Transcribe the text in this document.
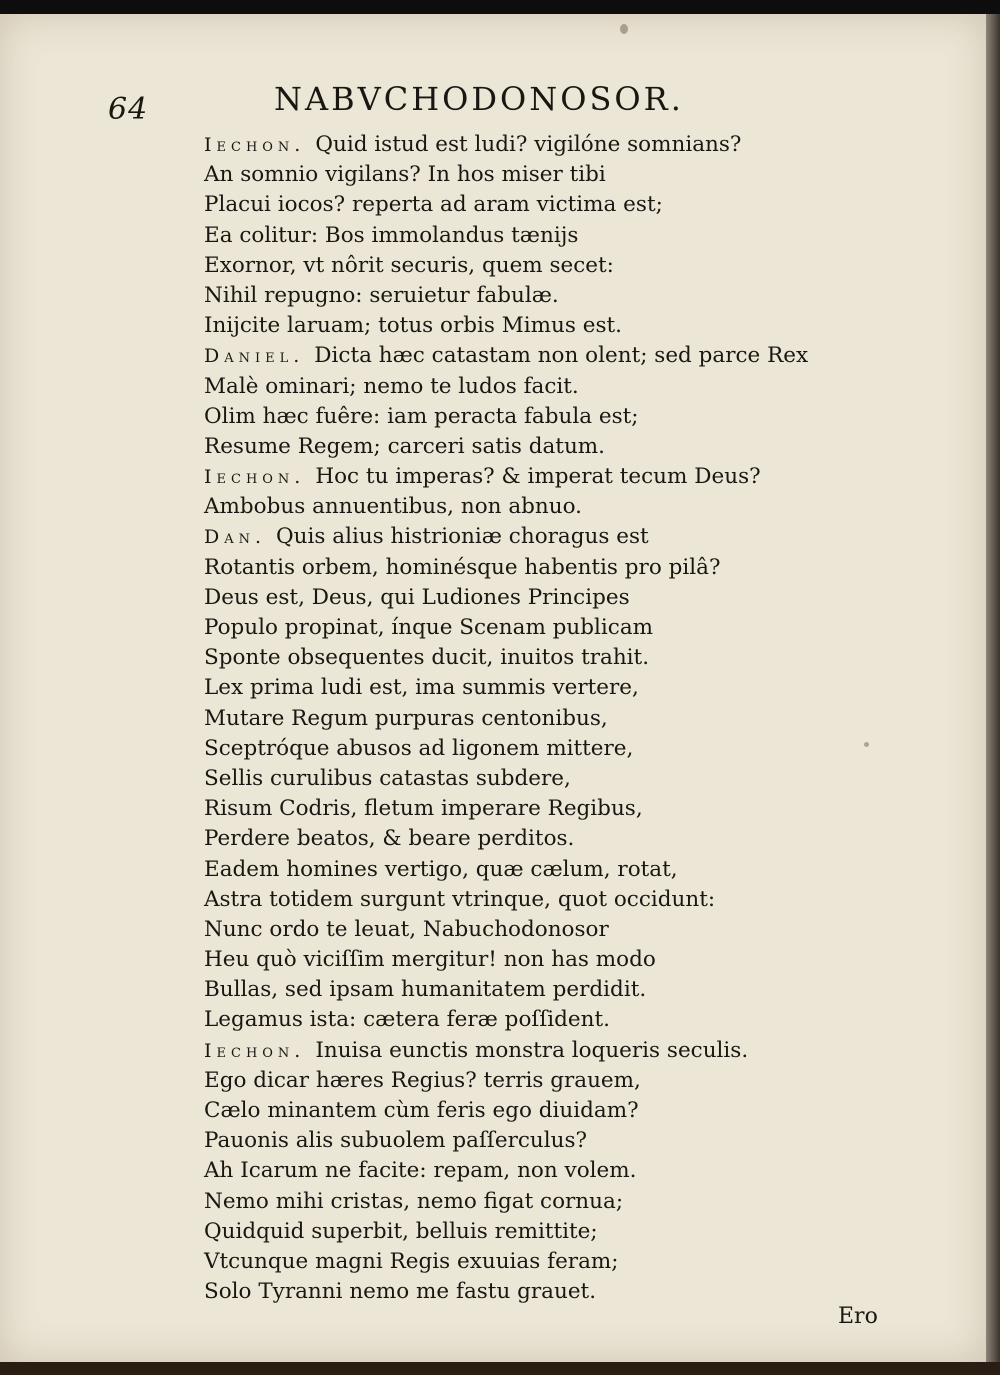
64	NABVCHODONOSOR.
Iechon. Quid istud est ludi? vigilóne somnians?
An somnio vigilans? In hos miser tibi
Placui iocos? reperta ad aram victima est;
Ea colitur: Bos immolandus tænijs
Exornor, vt nôrit securis, quem secet:
Nihil repugno: seruietur fabulæ.
Inijcite laruam; totus orbis Mimus est.
Daniel. Dicta hæc catastam non olent; sed parce Rex
Malè ominari; nemo te ludos facit.
Olim hæc fuêre: iam peracta fabula est;
Resume Regem; carceri satis datum.
Iechon. Hoc tu imperas? & imperat tecum Deus?
Ambobus annuentibus, non abnuo.
Dan. Quis alius histrioniæ choragus est
Rotantis orbem, hominésque habentis pro pilâ?
Deus est, Deus, qui Ludiones Principes
Populo propinat, ínque Scenam publicam
Sponte obsequentes ducit, inuitos trahit.
Lex prima ludi est, ima summis vertere,
Mutare Regum purpuras centonibus,
Sceptróque abusos ad ligonem mittere,
Sellis curulibus catastas subdere,
Risum Codris, fletum imperare Regibus,
Perdere beatos, & beare perditos.
Eadem homines vertigo, quæ cælum, rotat,
Astra totidem surgunt vtrinque, quot occidunt:
Nunc ordo te leuat, Nabuchodonosor
Heu quò viciſſim mergitur! non has modo
Bullas, sed ipsam humanitatem perdidit.
Legamus ista: cætera feræ poſſident.
Iechon. Inuisa eunctis monstra loqueris seculis.
Ego dicar hæres Regius? terris grauem,
Cælo minantem cùm feris ego diuidam?
Pauonis alis subuolem paſſerculus?
Ah Icarum ne facite: repam, non volem.
Nemo mihi cristas, nemo figat cornua;
Quidquid superbit, belluis remittite;
Vtcunque magni Regis exuuias feram;
Solo Tyranni nemo me fastu grauet.
Ero
